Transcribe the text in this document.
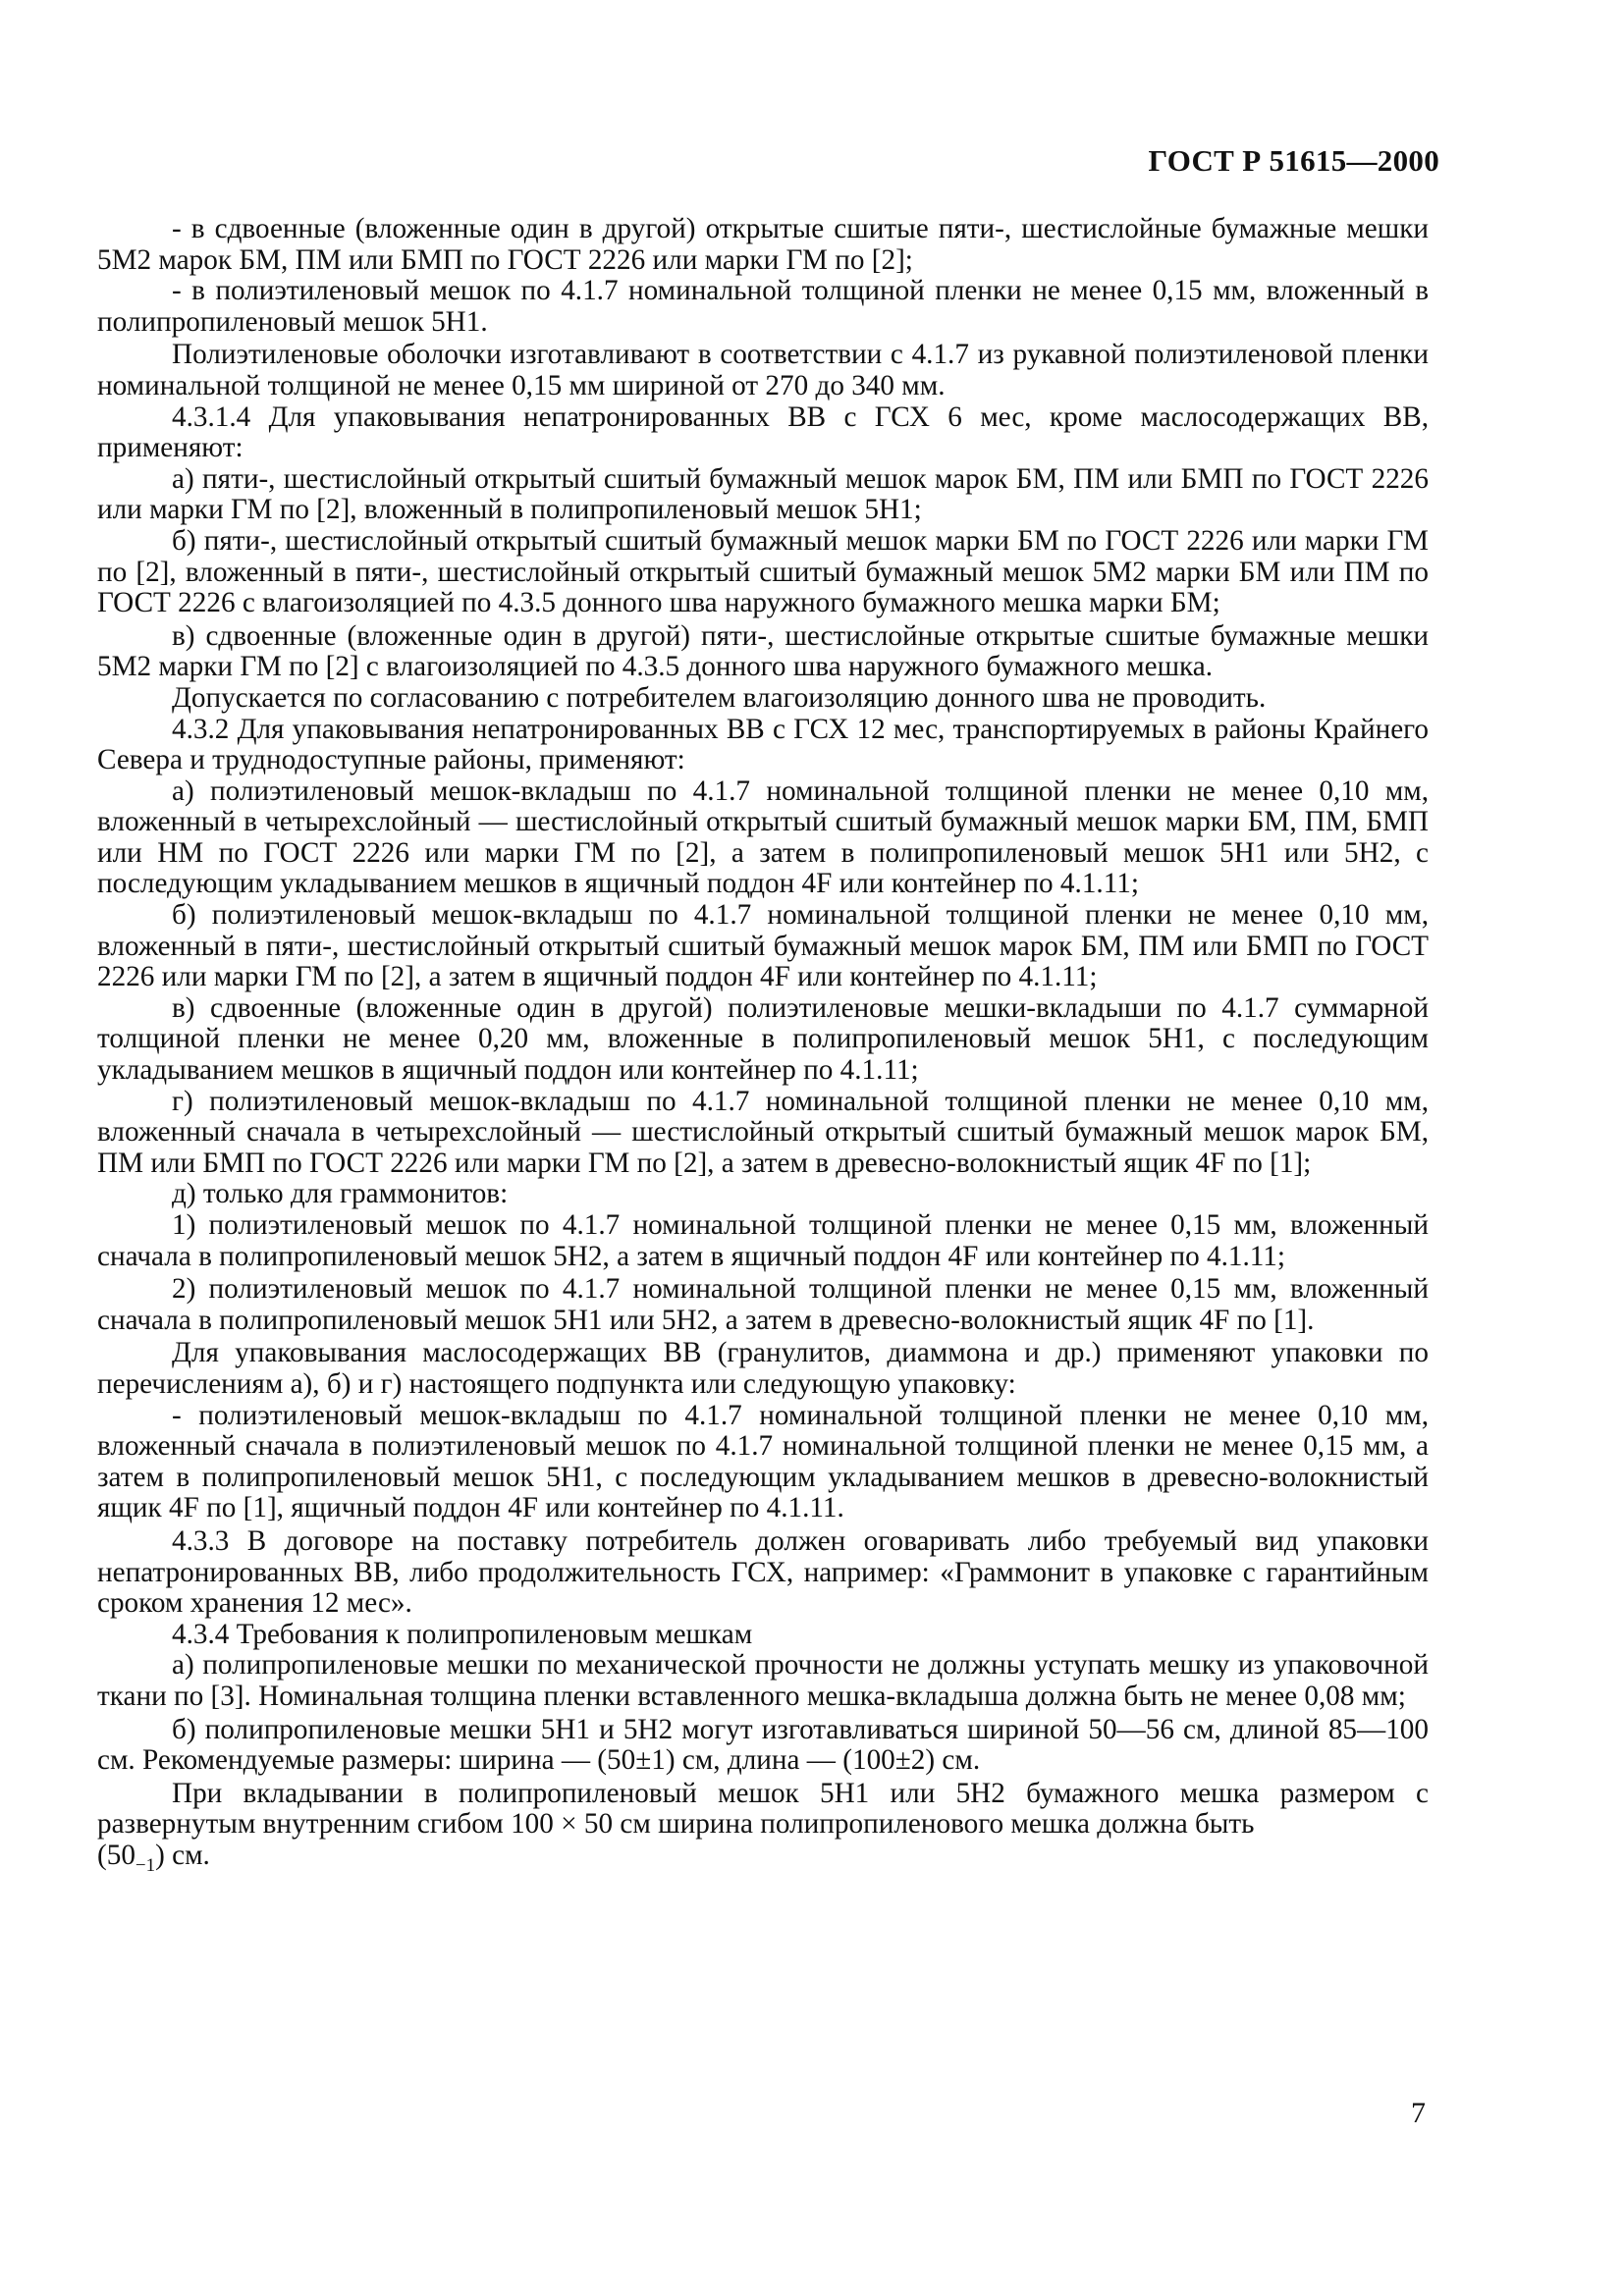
ГОСТ Р 51615—2000

- в сдвоенные (вложенные один в другой) открытые сшитые пяти-, шестислойные бумажные мешки 5М2 марок БМ, ПМ или БМП по ГОСТ 2226 или марки ГМ по [2];

- в полиэтиленовый мешок по 4.1.7 номинальной толщиной пленки не менее 0,15 мм, вложенный в полипропиленовый мешок 5Н1.

Полиэтиленовые оболочки изготавливают в соответствии с 4.1.7 из рукавной полиэтиленовой пленки номинальной толщиной не менее 0,15 мм шириной от 270 до 340 мм.

4.3.1.4 Для упаковывания непатронированных ВВ с ГСХ 6 мес, кроме маслосодержащих ВВ, применяют:

а) пяти-, шестислойный открытый сшитый бумажный мешок марок БМ, ПМ или БМП по ГОСТ 2226 или марки ГМ по [2], вложенный в полипропиленовый мешок 5Н1;

б) пяти-, шестислойный открытый сшитый бумажный мешок марки БМ по ГОСТ 2226 или марки ГМ по [2], вложенный в пяти-, шестислойный открытый сшитый бумажный мешок 5М2 марки БМ или ПМ по ГОСТ 2226 с влагоизоляцией по 4.3.5 донного шва наружного бумажного мешка марки БМ;

в) сдвоенные (вложенные один в другой) пяти-, шестислойные открытые сшитые бумажные мешки 5М2 марки ГМ по [2] с влагоизоляцией по 4.3.5 донного шва наружного бумажного мешка.

Допускается по согласованию с потребителем влагоизоляцию донного шва не проводить.

4.3.2 Для упаковывания непатронированных ВВ с ГСХ 12 мес, транспортируемых в районы Крайнего Севера и труднодоступные районы, применяют:

а) полиэтиленовый мешок-вкладыш по 4.1.7 номинальной толщиной пленки не менее 0,10 мм, вложенный в четырехслойный — шестислойный открытый сшитый бумажный мешок марки БМ, ПМ, БМП или НМ по ГОСТ 2226 или марки ГМ по [2], а затем в полипропиленовый мешок 5Н1 или 5Н2, с последующим укладыванием мешков в ящичный поддон 4F или контейнер по 4.1.11;

б) полиэтиленовый мешок-вкладыш по 4.1.7 номинальной толщиной пленки не менее 0,10 мм, вложенный в пяти-, шестислойный открытый сшитый бумажный мешок марок БМ, ПМ или БМП по ГОСТ 2226 или марки ГМ по [2], а затем в ящичный поддон 4F или контейнер по 4.1.11;

в) сдвоенные (вложенные один в другой) полиэтиленовые мешки-вкладыши по 4.1.7 суммарной толщиной пленки не менее 0,20 мм, вложенные в полипропиленовый мешок 5Н1, с последующим укладыванием мешков в ящичный поддон или контейнер по 4.1.11;

г) полиэтиленовый мешок-вкладыш по 4.1.7 номинальной толщиной пленки не менее 0,10 мм, вложенный сначала в четырехслойный — шестислойный открытый сшитый бумажный мешок марок БМ, ПМ или БМП по ГОСТ 2226 или марки ГМ по [2], а затем в древесно-волокнистый ящик 4F по [1];

д) только для граммонитов:

1) полиэтиленовый мешок по 4.1.7 номинальной толщиной пленки не менее 0,15 мм, вложенный сначала в полипропиленовый мешок 5Н2, а затем в ящичный поддон 4F или контейнер по 4.1.11;

2) полиэтиленовый мешок по 4.1.7 номинальной толщиной пленки не менее 0,15 мм, вложенный сначала в полипропиленовый мешок 5Н1 или 5Н2, а затем в древесно-волокнистый ящик 4F по [1].

Для упаковывания маслосодержащих ВВ (гранулитов, диаммона и др.) применяют упаковки по перечислениям а), б) и г) настоящего подпункта или следующую упаковку:

- полиэтиленовый мешок-вкладыш по 4.1.7 номинальной толщиной пленки не менее 0,10 мм, вложенный сначала в полиэтиленовый мешок по 4.1.7 номинальной толщиной пленки не менее 0,15 мм, а затем в полипропиленовый мешок 5Н1, с последующим укладыванием мешков в древесно-волокнистый ящик 4F по [1], ящичный поддон 4F или контейнер по 4.1.11.

4.3.3 В договоре на поставку потребитель должен оговаривать либо требуемый вид упаковки непатронированных ВВ, либо продолжительность ГСХ, например: «Граммонит в упаковке с гарантийным сроком хранения 12 мес».

4.3.4 Требования к полипропиленовым мешкам

а) полипропиленовые мешки по механической прочности не должны уступать мешку из упаковочной ткани по [3]. Номинальная толщина пленки вставленного мешка-вкладыша должна быть не менее 0,08 мм;

б) полипропиленовые мешки 5Н1 и 5Н2 могут изготавливаться шириной 50—56 см, длиной 85—100 см. Рекомендуемые размеры: ширина — (50±1) см, длина — (100±2) см.

При вкладывании в полипропиленовый мешок 5Н1 или 5Н2 бумажного мешка размером с развернутым внутренним сгибом 100 × 50 см ширина полипропиленового мешка должна быть

$(50_{-1})$ см.

7
